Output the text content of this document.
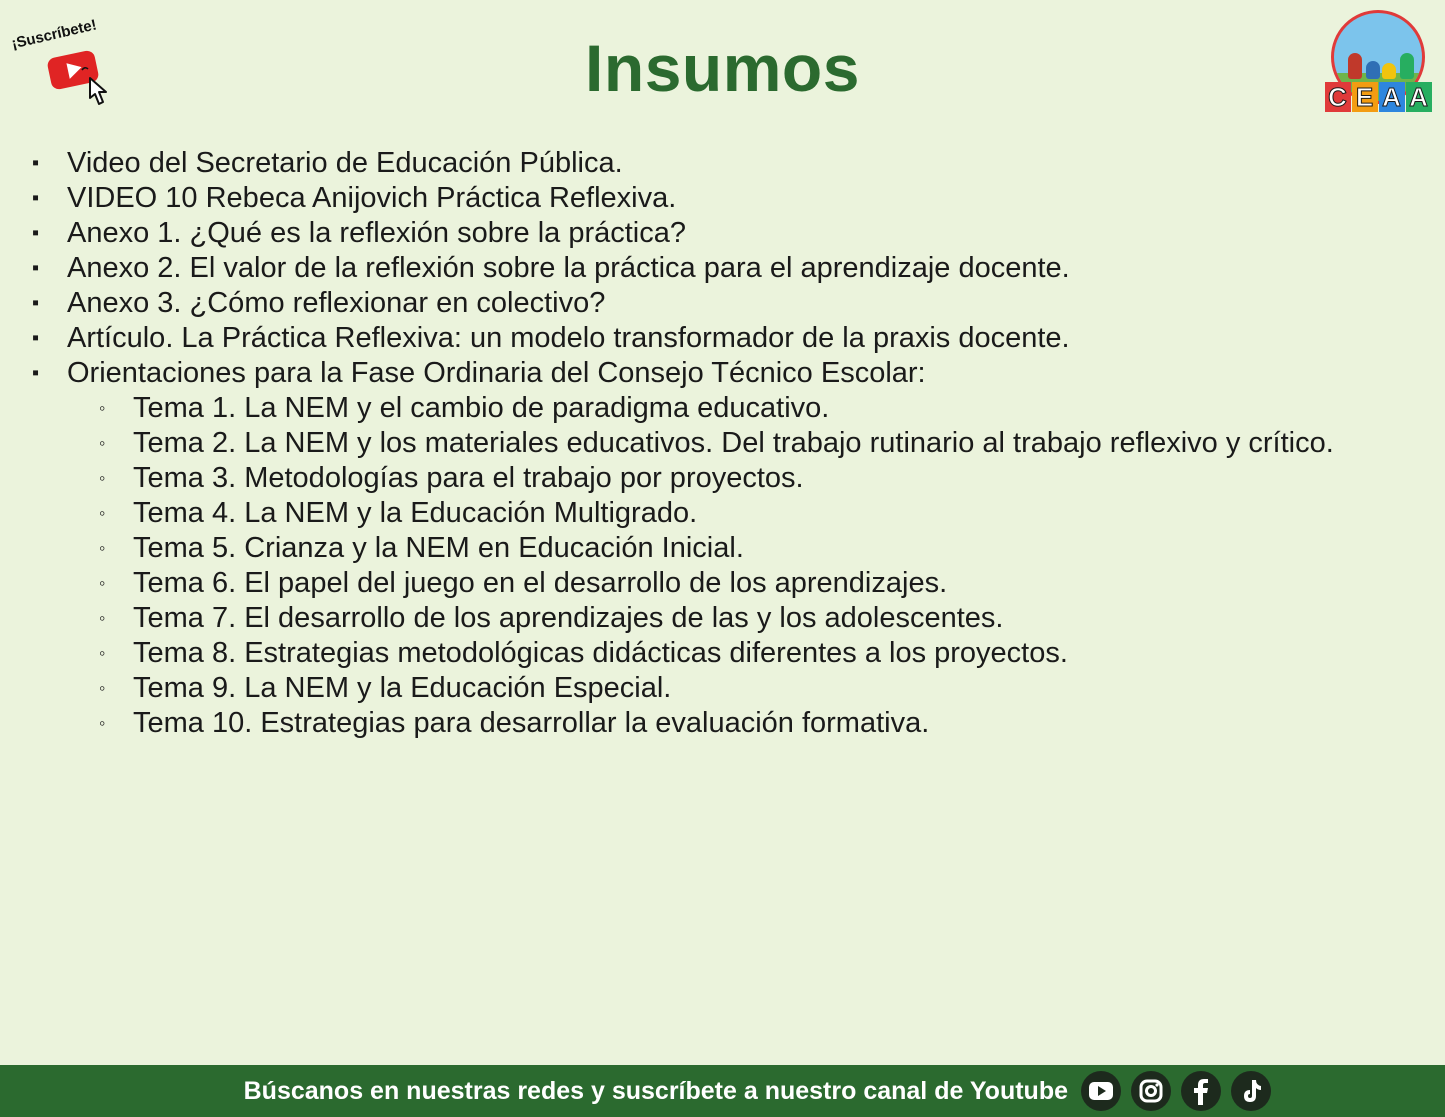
¡Suscríbete!	Insumos	C E A A
▪ Video del Secretario de Educación Pública.
▪ VIDEO 10 Rebeca Anijovich Práctica Reflexiva.
▪ Anexo 1. ¿Qué es la reflexión sobre la práctica?
▪ Anexo 2. El valor de la reflexión sobre la práctica para el aprendizaje docente.
▪ Anexo 3. ¿Cómo reflexionar en colectivo?
▪ Artículo. La Práctica Reflexiva: un modelo transformador de la praxis docente.
▪ Orientaciones para la Fase Ordinaria del Consejo Técnico Escolar:
◦ Tema 1. La NEM y el cambio de paradigma educativo.
◦ Tema 2. La NEM y los materiales educativos. Del trabajo rutinario al trabajo reflexivo y crítico.
◦ Tema 3. Metodologías para el trabajo por proyectos.
◦ Tema 4. La NEM y la Educación Multigrado.
◦ Tema 5. Crianza y la NEM en Educación Inicial.
◦ Tema 6. El papel del juego en el desarrollo de los aprendizajes.
◦ Tema 7. El desarrollo de los aprendizajes de las y los adolescentes.
◦ Tema 8. Estrategias metodológicas didácticas diferentes a los proyectos.
◦ Tema 9. La NEM y la Educación Especial.
◦ Tema 10. Estrategias para desarrollar la evaluación formativa.
Búscanos en nuestras redes y suscríbete a nuestro canal de Youtube
